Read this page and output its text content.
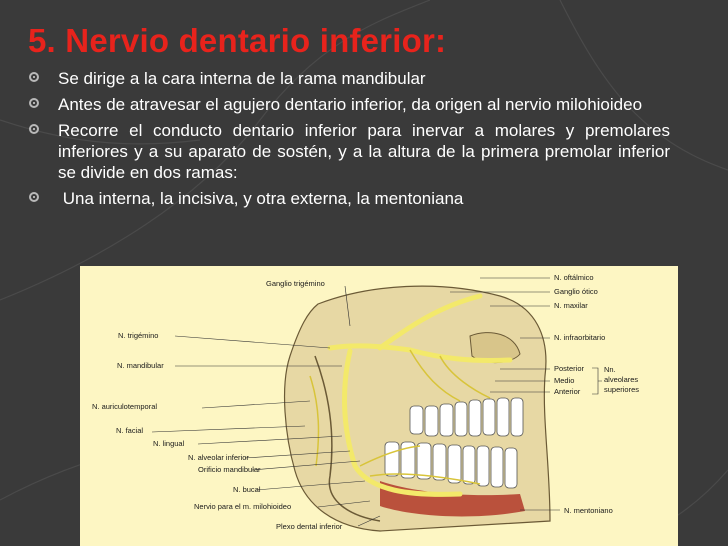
5. Nervio dentario inferior:
Se dirige a la cara interna de la rama mandibular
Antes de atravesar el agujero dentario inferior, da origen al nervio milohioideo
Recorre el conducto dentario inferior para inervar a molares y premolares inferiores y a su aparato de sostén, y a la altura de la primera premolar inferior se divide en dos ramas:
Una interna, la incisiva, y otra externa, la mentoniana
Ganglio trigémino
N. trigémino
N. mandibular
N. auriculotemporal
N. facial
N. lingual
N. alveolar inferior
Orificio mandibular
N. bucal
Nervio para el m. milohioideo
Plexo dental inferior
N. oftálmico
Ganglio ótico
N. maxilar
N. infraorbitario
Posterior
Medio
Anterior
Nn.
alveolares
superiores
N. mentoniano
